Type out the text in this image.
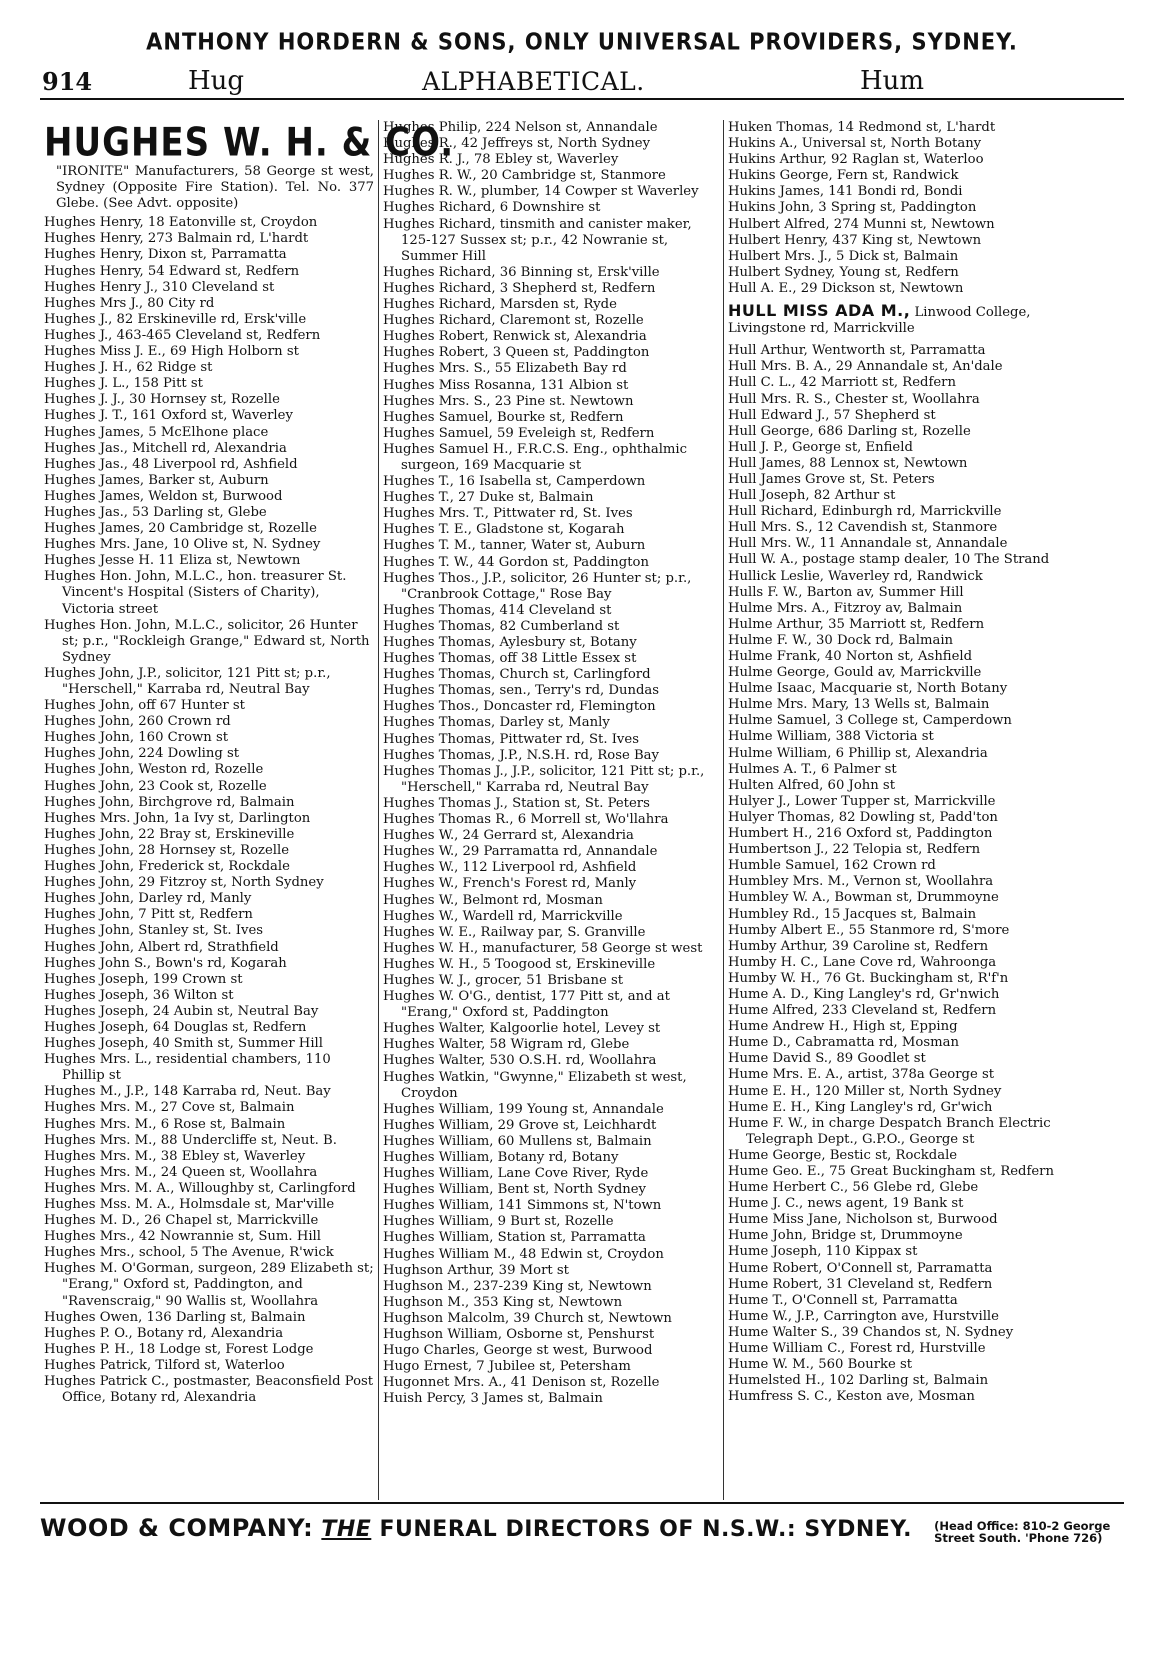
ANTHONY HORDERN & SONS, ONLY UNIVERSAL PROVIDERS, SYDNEY.
914	Hug	ALPHABETICAL.	Hum
HUGHES W. H. & CO.
"IRONITE" Manufacturers, 58 George st west, Sydney (Opposite Fire Station). Tel. No. 377 Glebe. (See Advt. opposite)
Hughes Henry, 18 Eatonville st, Croydon
Hughes Henry, 273 Balmain rd, L'hardt
Hughes Henry, Dixon st, Parramatta
Hughes Henry, 54 Edward st, Redfern
Hughes Henry J., 310 Cleveland st
Hughes Mrs J., 80 City rd
Hughes J., 82 Erskineville rd, Ersk'ville
Hughes J., 463-465 Cleveland st, Redfern
Hughes Miss J. E., 69 High Holborn st
Hughes J. H., 62 Ridge st
Hughes J. L., 158 Pitt st
Hughes J. J., 30 Hornsey st, Rozelle
Hughes J. T., 161 Oxford st, Waverley
Hughes James, 5 McElhone place
Hughes Jas., Mitchell rd, Alexandria
Hughes Jas., 48 Liverpool rd, Ashfield
Hughes James, Barker st, Auburn
Hughes James, Weldon st, Burwood
Hughes Jas., 53 Darling st, Glebe
Hughes James, 20 Cambridge st, Rozelle
Hughes Mrs. Jane, 10 Olive st, N. Sydney
Hughes Jesse H. 11 Eliza st, Newtown
Hughes Hon. John, M.L.C., hon. treasurer St. Vincent's Hospital (Sisters of Charity), Victoria street
Hughes Hon. John, M.L.C., solicitor, 26 Hunter st; p.r., "Rockleigh Grange," Edward st, North Sydney
Hughes John, J.P., solicitor, 121 Pitt st; p.r., "Herschell," Karraba rd, Neutral Bay
Hughes John, off 67 Hunter st
Hughes John, 260 Crown rd
Hughes John, 160 Crown st
Hughes John, 224 Dowling st
Hughes John, Weston rd, Rozelle
Hughes John, 23 Cook st, Rozelle
Hughes John, Birchgrove rd, Balmain
Hughes Mrs. John, 1a Ivy st, Darlington
Hughes John, 22 Bray st, Erskineville
Hughes John, 28 Hornsey st, Rozelle
Hughes John, Frederick st, Rockdale
Hughes John, 29 Fitzroy st, North Sydney
Hughes John, Darley rd, Manly
Hughes John, 7 Pitt st, Redfern
Hughes John, Stanley st, St. Ives
Hughes John, Albert rd, Strathfield
Hughes John S., Bown's rd, Kogarah
Hughes Joseph, 199 Crown st
Hughes Joseph, 36 Wilton st
Hughes Joseph, 24 Aubin st, Neutral Bay
Hughes Joseph, 64 Douglas st, Redfern
Hughes Joseph, 40 Smith st, Summer Hill
Hughes Mrs. L., residential chambers, 110 Phillip st
Hughes M., J.P., 148 Karraba rd, Neut. Bay
Hughes Mrs. M., 27 Cove st, Balmain
Hughes Mrs. M., 6 Rose st, Balmain
Hughes Mrs. M., 88 Undercliffe st, Neut. B.
Hughes Mrs. M., 38 Ebley st, Waverley
Hughes Mrs. M., 24 Queen st, Woollahra
Hughes Mrs. M. A., Willoughby st, Carlingford
Hughes Mss. M. A., Holmsdale st, Mar'ville
Hughes M. D., 26 Chapel st, Marrickville
Hughes Mrs., 42 Nowrannie st, Sum. Hill
Hughes Mrs., school, 5 The Avenue, R'wick
Hughes M. O'Gorman, surgeon, 289 Elizabeth st; "Erang," Oxford st, Paddington, and "Ravenscraig," 90 Wallis st, Woollahra
Hughes Owen, 136 Darling st, Balmain
Hughes P. O., Botany rd, Alexandria
Hughes P. H., 18 Lodge st, Forest Lodge
Hughes Patrick, Tilford st, Waterloo
Hughes Patrick C., postmaster, Beaconsfield Post Office, Botany rd, Alexandria
Hughes Philip, 224 Nelson st, Annandale
Hughes R., 42 Jeffreys st, North Sydney
Hughes R. J., 78 Ebley st, Waverley
Hughes R. W., 20 Cambridge st, Stanmore
Hughes R. W., plumber, 14 Cowper st Waverley
Hughes Richard, 6 Downshire st
Hughes Richard, tinsmith and canister maker, 125-127 Sussex st; p.r., 42 Nowranie st, Summer Hill
Hughes Richard, 36 Binning st, Ersk'ville
Hughes Richard, 3 Shepherd st, Redfern
Hughes Richard, Marsden st, Ryde
Hughes Richard, Claremont st, Rozelle
Hughes Robert, Renwick st, Alexandria
Hughes Robert, 3 Queen st, Paddington
Hughes Mrs. S., 55 Elizabeth Bay rd
Hughes Miss Rosanna, 131 Albion st
Hughes Mrs. S., 23 Pine st. Newtown
Hughes Samuel, Bourke st, Redfern
Hughes Samuel, 59 Eveleigh st, Redfern
Hughes Samuel H., F.R.C.S. Eng., ophthalmic surgeon, 169 Macquarie st
Hughes T., 16 Isabella st, Camperdown
Hughes T., 27 Duke st, Balmain
Hughes Mrs. T., Pittwater rd, St. Ives
Hughes T. E., Gladstone st, Kogarah
Hughes T. M., tanner, Water st, Auburn
Hughes T. W., 44 Gordon st, Paddington
Hughes Thos., J.P., solicitor, 26 Hunter st; p.r., "Cranbrook Cottage," Rose Bay
Hughes Thomas, 414 Cleveland st
Hughes Thomas, 82 Cumberland st
Hughes Thomas, Aylesbury st, Botany
Hughes Thomas, off 38 Little Essex st
Hughes Thomas, Church st, Carlingford
Hughes Thomas, sen., Terry's rd, Dundas
Hughes Thos., Doncaster rd, Flemington
Hughes Thomas, Darley st, Manly
Hughes Thomas, Pittwater rd, St. Ives
Hughes Thomas, J.P., N.S.H. rd, Rose Bay
Hughes Thomas J., J.P., solicitor, 121 Pitt st; p.r., "Herschell," Karraba rd, Neutral Bay
Hughes Thomas J., Station st, St. Peters
Hughes Thomas R., 6 Morrell st, Wo'llahra
Hughes W., 24 Gerrard st, Alexandria
Hughes W., 29 Parramatta rd, Annandale
Hughes W., 112 Liverpool rd, Ashfield
Hughes W., French's Forest rd, Manly
Hughes W., Belmont rd, Mosman
Hughes W., Wardell rd, Marrickville
Hughes W. E., Railway par, S. Granville
Hughes W. H., manufacturer, 58 George st west
Hughes W. H., 5 Toogood st, Erskineville
Hughes W. J., grocer, 51 Brisbane st
Hughes W. O'G., dentist, 177 Pitt st, and at "Erang," Oxford st, Paddington
Hughes Walter, Kalgoorlie hotel, Levey st
Hughes Walter, 58 Wigram rd, Glebe
Hughes Walter, 530 O.S.H. rd, Woollahra
Hughes Watkin, "Gwynne," Elizabeth st west, Croydon
Hughes William, 199 Young st, Annandale
Hughes William, 29 Grove st, Leichhardt
Hughes William, 60 Mullens st, Balmain
Hughes William, Botany rd, Botany
Hughes William, Lane Cove River, Ryde
Hughes William, Bent st, North Sydney
Hughes William, 141 Simmons st, N'town
Hughes William, 9 Burt st, Rozelle
Hughes William, Station st, Parramatta
Hughes William M., 48 Edwin st, Croydon
Hughson Arthur, 39 Mort st
Hughson M., 237-239 King st, Newtown
Hughson M., 353 King st, Newtown
Hughson Malcolm, 39 Church st, Newtown
Hughson William, Osborne st, Penshurst
Hugo Charles, George st west, Burwood
Hugo Ernest, 7 Jubilee st, Petersham
Hugonnet Mrs. A., 41 Denison st, Rozelle
Huish Percy, 3 James st, Balmain
Huken Thomas, 14 Redmond st, L'hardt
Hukins A., Universal st, North Botany
Hukins Arthur, 92 Raglan st, Waterloo
Hukins George, Fern st, Randwick
Hukins James, 141 Bondi rd, Bondi
Hukins John, 3 Spring st, Paddington
Hulbert Alfred, 274 Munni st, Newtown
Hulbert Henry, 437 King st, Newtown
Hulbert Mrs. J., 5 Dick st, Balmain
Hulbert Sydney, Young st, Redfern
Hull A. E., 29 Dickson st, Newtown
HULL MISS ADA M., Linwood College, Livingstone rd, Marrickville
Hull Arthur, Wentworth st, Parramatta
Hull Mrs. B. A., 29 Annandale st, An'dale
Hull C. L., 42 Marriott st, Redfern
Hull Mrs. R. S., Chester st, Woollahra
Hull Edward J., 57 Shepherd st
Hull George, 686 Darling st, Rozelle
Hull J. P., George st, Enfield
Hull James, 88 Lennox st, Newtown
Hull James Grove st, St. Peters
Hull Joseph, 82 Arthur st
Hull Richard, Edinburgh rd, Marrickville
Hull Mrs. S., 12 Cavendish st, Stanmore
Hull Mrs. W., 11 Annandale st, Annandale
Hull W. A., postage stamp dealer, 10 The Strand
Hullick Leslie, Waverley rd, Randwick
Hulls F. W., Barton av, Summer Hill
Hulme Mrs. A., Fitzroy av, Balmain
Hulme Arthur, 35 Marriott st, Redfern
Hulme F. W., 30 Dock rd, Balmain
Hulme Frank, 40 Norton st, Ashfield
Hulme George, Gould av, Marrickville
Hulme Isaac, Macquarie st, North Botany
Hulme Mrs. Mary, 13 Wells st, Balmain
Hulme Samuel, 3 College st, Camperdown
Hulme William, 388 Victoria st
Hulme William, 6 Phillip st, Alexandria
Hulmes A. T., 6 Palmer st
Hulten Alfred, 60 John st
Hulyer J., Lower Tupper st, Marrickville
Hulyer Thomas, 82 Dowling st, Padd'ton
Humbert H., 216 Oxford st, Paddington
Humbertson J., 22 Telopia st, Redfern
Humble Samuel, 162 Crown rd
Humbley Mrs. M., Vernon st, Woollahra
Humbley W. A., Bowman st, Drummoyne
Humbley Rd., 15 Jacques st, Balmain
Humby Albert E., 55 Stanmore rd, S'more
Humby Arthur, 39 Caroline st, Redfern
Humby H. C., Lane Cove rd, Wahroonga
Humby W. H., 76 Gt. Buckingham st, R'f'n
Hume A. D., King Langley's rd, Gr'nwich
Hume Alfred, 233 Cleveland st, Redfern
Hume Andrew H., High st, Epping
Hume D., Cabramatta rd, Mosman
Hume David S., 89 Goodlet st
Hume Mrs. E. A., artist, 378a George st
Hume E. H., 120 Miller st, North Sydney
Hume E. H., King Langley's rd, Gr'wich
Hume F. W., in charge Despatch Branch Electric Telegraph Dept., G.P.O., George st
Hume George, Bestic st, Rockdale
Hume Geo. E., 75 Great Buckingham st, Redfern
Hume Herbert C., 56 Glebe rd, Glebe
Hume J. C., news agent, 19 Bank st
Hume Miss Jane, Nicholson st, Burwood
Hume John, Bridge st, Drummoyne
Hume Joseph, 110 Kippax st
Hume Robert, O'Connell st, Parramatta
Hume Robert, 31 Cleveland st, Redfern
Hume T., O'Connell st, Parramatta
Hume W., J.P., Carrington ave, Hurstville
Hume Walter S., 39 Chandos st, N. Sydney
Hume William C., Forest rd, Hurstville
Hume W. M., 560 Bourke st
Humelsted H., 102 Darling st, Balmain
Humfress S. C., Keston ave, Mosman
WOOD & COMPANY: THE FUNERAL DIRECTORS OF N.S.W.: SYDNEY. (Head Office: 810-2 George
Street South. 'Phone 726)
